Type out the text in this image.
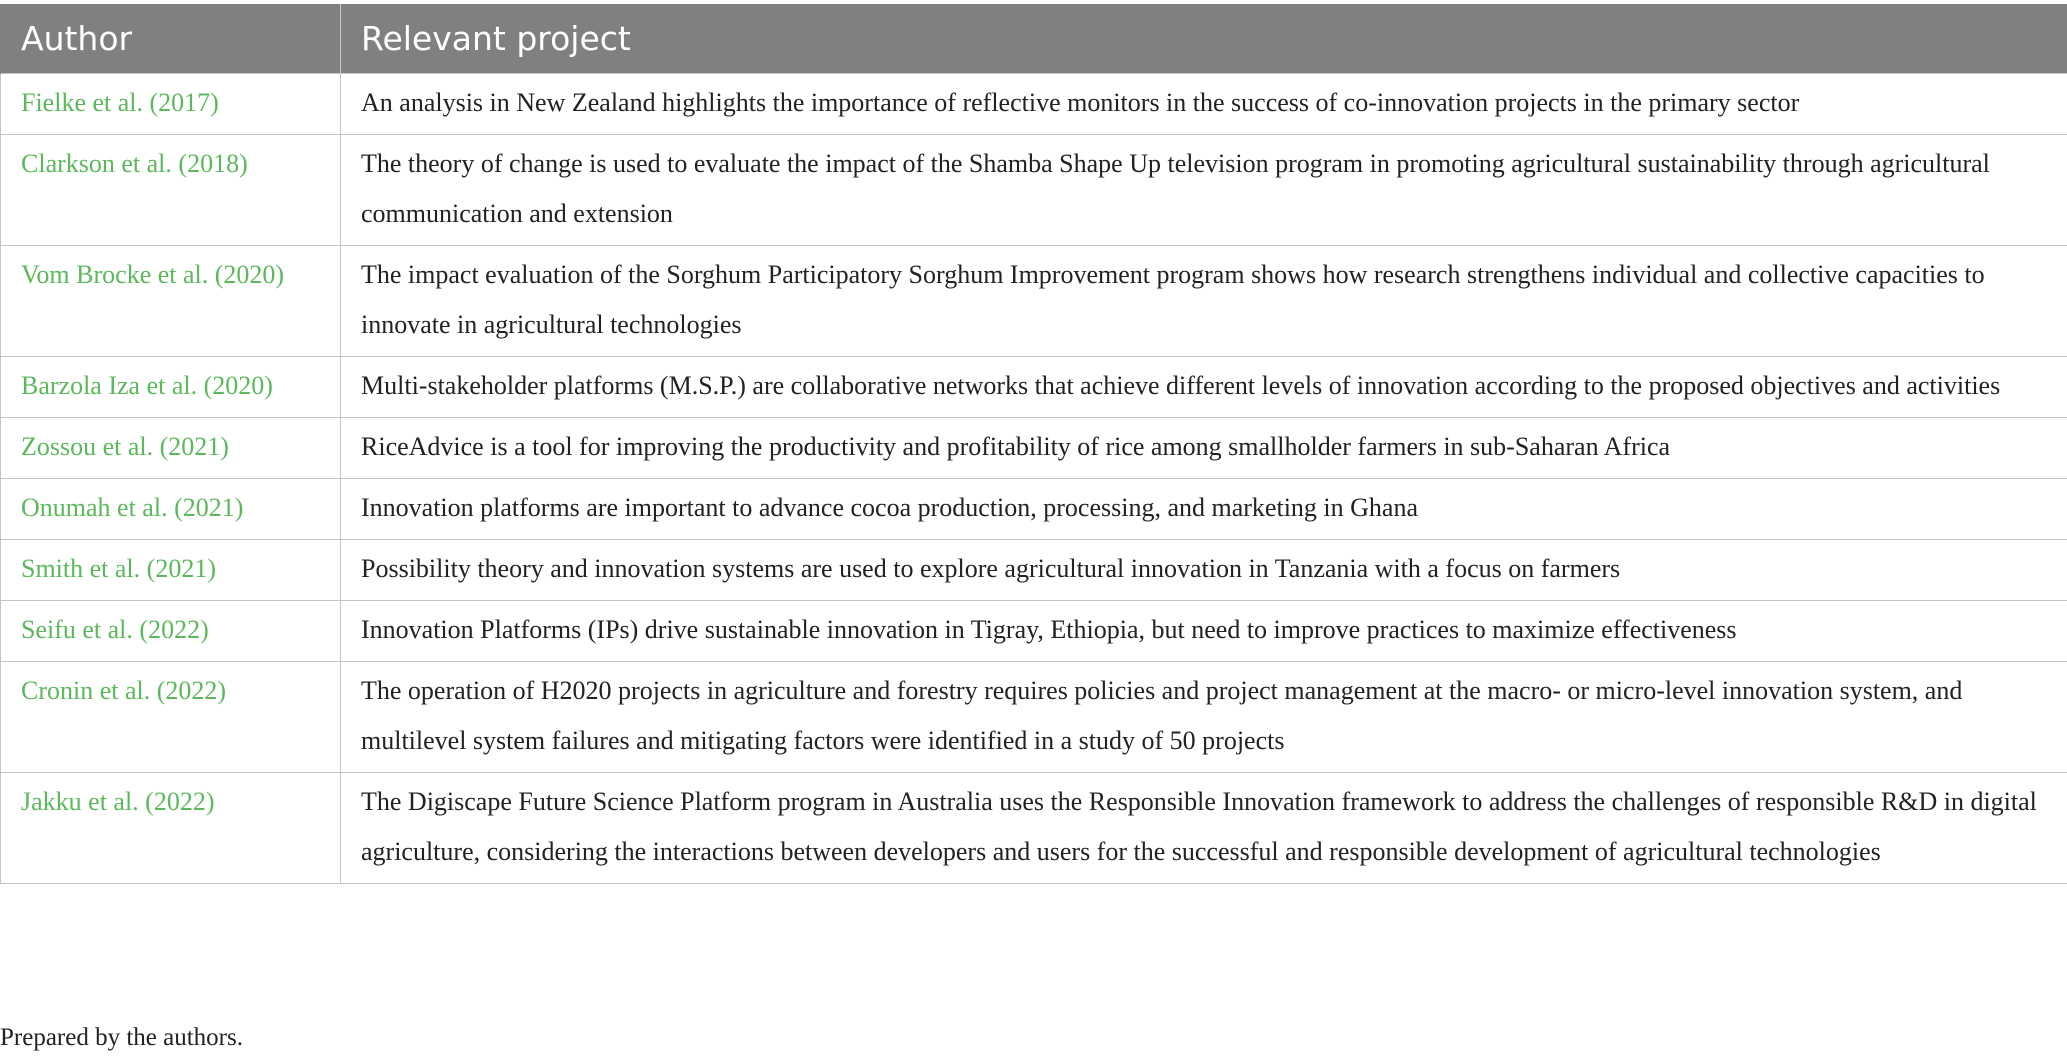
Author	Relevant project
Fielke et al. (2017)	An analysis in New Zealand highlights the importance of reflective monitors in the success of co-innovation projects in the primary sector
Clarkson et al. (2018)	The theory of change is used to evaluate the impact of the Shamba Shape Up television program in promoting agricultural sustainability through agricultural communication and extension
Vom Brocke et al. (2020)	The impact evaluation of the Sorghum Participatory Sorghum Improvement program shows how research strengthens individual and collective capacities to innovate in agricultural technologies
Barzola Iza et al. (2020)	Multi-stakeholder platforms (M.S.P.) are collaborative networks that achieve different levels of innovation according to the proposed objectives and activities
Zossou et al. (2021)	RiceAdvice is a tool for improving the productivity and profitability of rice among smallholder farmers in sub-Saharan Africa
Onumah et al. (2021)	Innovation platforms are important to advance cocoa production, processing, and marketing in Ghana
Smith et al. (2021)	Possibility theory and innovation systems are used to explore agricultural innovation in Tanzania with a focus on farmers
Seifu et al. (2022)	Innovation Platforms (IPs) drive sustainable innovation in Tigray, Ethiopia, but need to improve practices to maximize effectiveness
Cronin et al. (2022)	The operation of H2020 projects in agriculture and forestry requires policies and project management at the macro- or micro-level innovation system, and multilevel system failures and mitigating factors were identified in a study of 50 projects
Jakku et al. (2022)	The Digiscape Future Science Platform program in Australia uses the Responsible Innovation framework to address the challenges of responsible R&D in digital agriculture, considering the interactions between developers and users for the successful and responsible development of agricultural technologies
Prepared by the authors.
